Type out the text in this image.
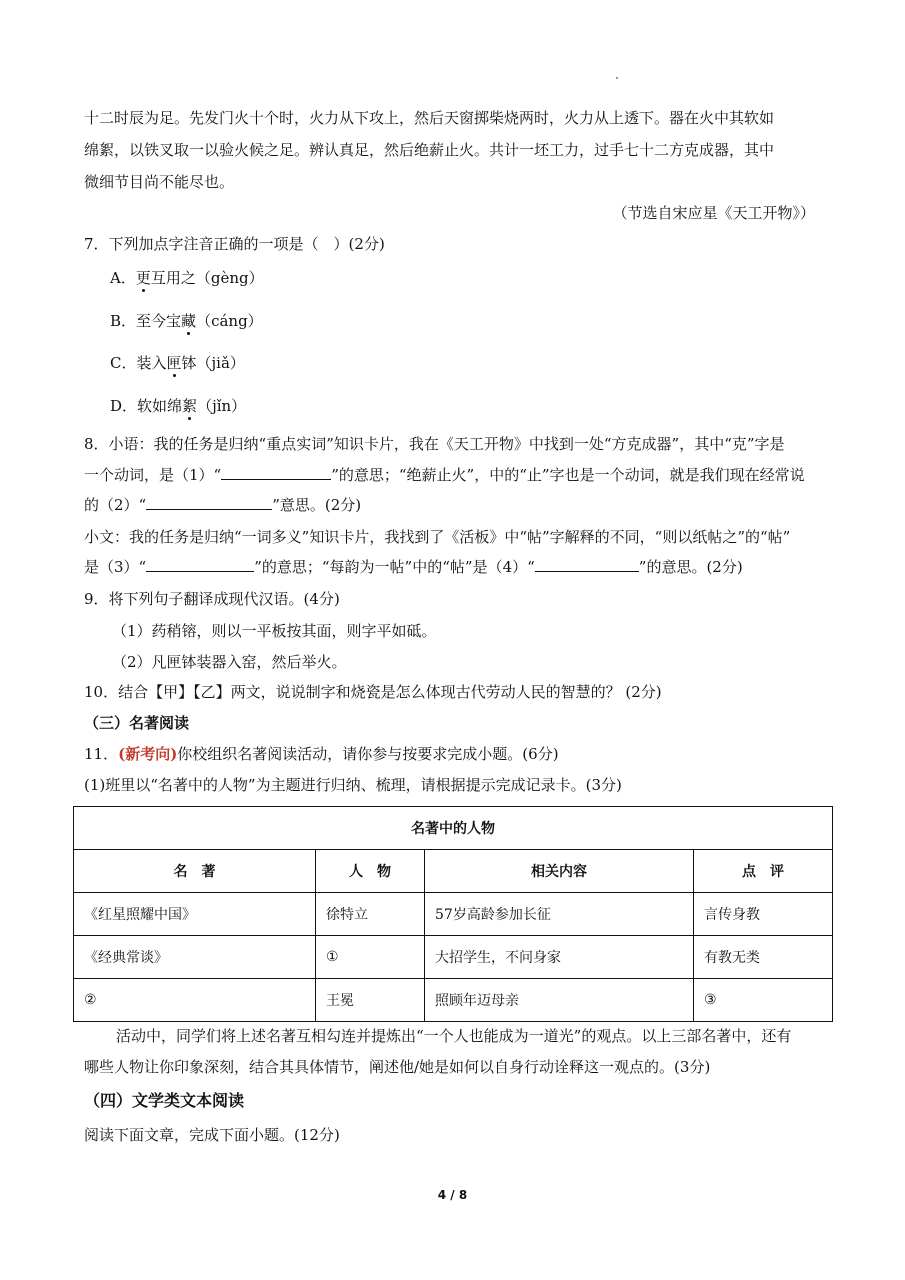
十二时辰为足。先发门火十个时，火力从下攻上，然后天窗掷柴烧两时，火力从上透下。器在火中其软如
绵絮，以铁叉取一以验火候之足。辨认真足，然后绝薪止火。共计一坯工力，过手七十二方克成器，其中
微细节目尚不能尽也。
（节选自宋应星《天工开物》）
7．下列加点字注音正确的一项是（　）(2分)
A．更互用之（gèng）
B．至今宝藏（cáng）
C．装入匣钵（jiǎ）
D．软如绵絮（jǐn）
8．小语：我的任务是归纳“重点实词”知识卡片，我在《天工开物》中找到一处“方克成器”，其中“克”字是
一个动词，是（1）“	”的意思；“绝薪止火”，中的“止”字也是一个动词，就是我们现在经常说
的（2）“	”意思。(2分)
小文：我的任务是归纳“一词多义”知识卡片，我找到了《活板》中“帖”字解释的不同，“则以纸帖之”的“帖”
是（3）“	”的意思；“每韵为一帖”中的“帖”是（4）“	”的意思。(2分)
9．将下列句子翻译成现代汉语。(4分)
（1）药稍镕，则以一平板按其面，则字平如砥。
（2）凡匣钵装器入窑，然后举火。
10．结合【甲】【乙】两文，说说制字和烧瓷是怎么体现古代劳动人民的智慧的？ (2分)
（三）名著阅读
11．(新考向)你校组织名著阅读活动，请你参与按要求完成小题。(6分)
(1)班里以“名著中的人物”为主题进行归纳、梳理，请根据提示完成记录卡。(3分)
名著中的人物			
名　著	人　物	相关内容	点　评
《红星照耀中国》	徐特立	57岁高龄参加长征	言传身教
《经典常谈》	①	大招学生，不问身家	有教无类
②	王冕	照顾年迈母亲	③
活动中，同学们将上述名著互相勾连并提炼出“一个人也能成为一道光”的观点。以上三部名著中，还有
哪些人物让你印象深刻，结合其具体情节，阐述他/她是如何以自身行动诠释这一观点的。(3分)
（四）文学类文本阅读
阅读下面文章，完成下面小题。(12分)
4 / 8
